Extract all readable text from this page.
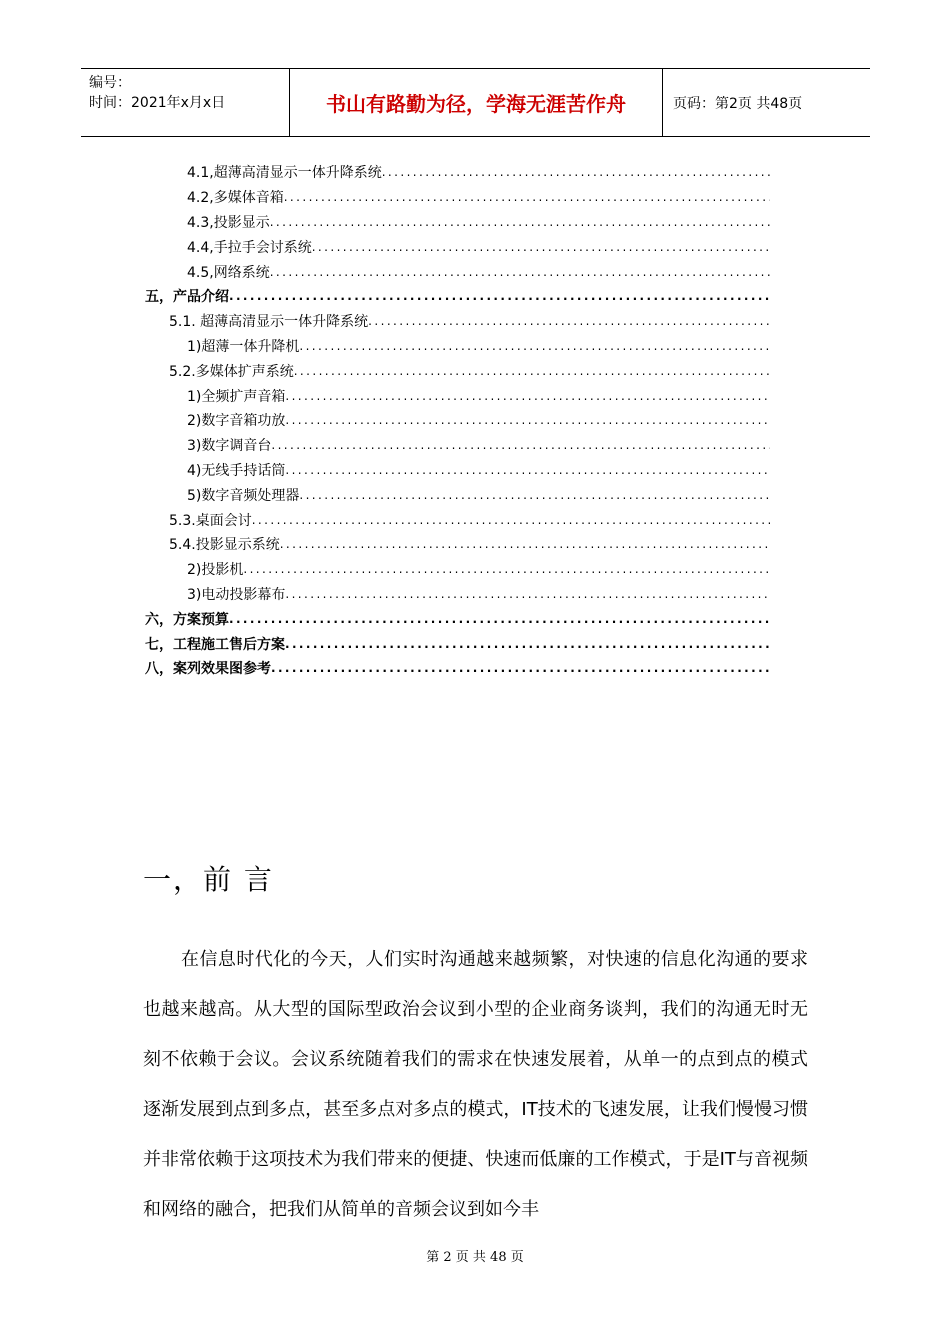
编号：
时间：2021年x月x日	书山有路勤为径，学海无涯苦作舟	页码：第2页 共48页
4.1,超薄高清显示一体升降系统
.....
4.2,多媒体音箱
.....
4.3,投影显示
.....
4.4,手拉手会讨系统
.....
4.5,网络系统
.....
五，产品介绍
.....
5.1. 超薄高清显示一体升降系统
.....
1)超薄一体升降机
.....
5.2.多媒体扩声系统
.....
1)全频扩声音箱
.....
2)数字音箱功放
.....
3)数字调音台
.....
4)无线手持话筒
.....
5)数字音频处理器
.....
5.3.桌面会讨
.....
5.4.投影显示系统
.....
2)投影机
.....
3)电动投影幕布
.....
六，方案预算
.....
七，工程施工售后方案
.....
八，案列效果图参考
.....
一，前 言
在信息时代化的今天，人们实时沟通越来越频繁，对快速的信息化沟通的要求也越来越高。从大型的国际型政治会议到小型的企业商务谈判，我们的沟通无时无刻不依赖于会议。会议系统随着我们的需求在快速发展着，从单一的点到点的模式逐渐发展到点到多点，甚至多点对多点的模式，IT技术的飞速发展，让我们慢慢习惯并非常依赖于这项技术为我们带来的便捷、快速而低廉的工作模式，于是IT与音视频和网络的融合，把我们从简单的音频会议到如今丰
第 2 页 共 48 页
